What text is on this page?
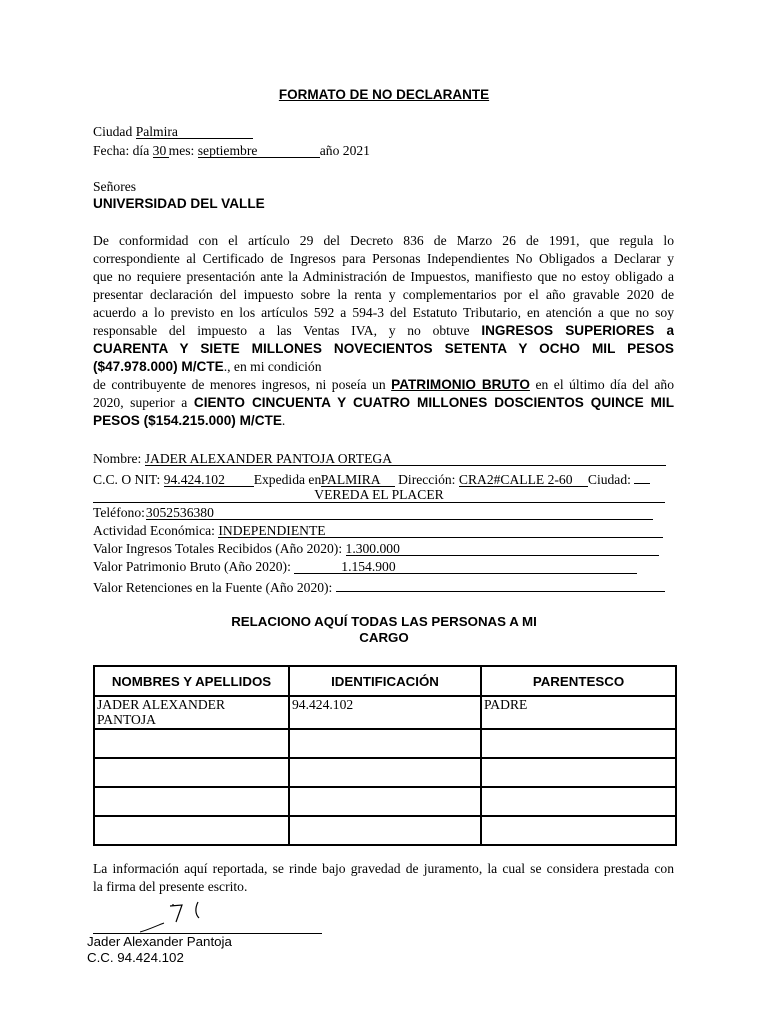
FORMATO DE NO DECLARANTE
Ciudad Palmira
Fecha: día 30 mes: septiembre	año 2021
Señores
UNIVERSIDAD DEL VALLE
De conformidad con el artículo 29 del Decreto 836 de Marzo 26 de 1991, que regula lo
correspondiente al Certificado de Ingresos para Personas Independientes No Obligados a Declarar y
que no requiere presentación ante la Administración de Impuestos, manifiesto que no estoy obligado a
presentar declaración del impuesto sobre la renta y complementarios por el año gravable 2020 de
acuerdo a lo previsto en los artículos 592 a 594-3 del Estatuto Tributario, en atención a que no soy
responsable del impuesto a las Ventas IVA, y no obtuve INGRESOS SUPERIORES a
CUARENTA Y SIETE MILLONES NOVECIENTOS SETENTA Y OCHO MIL PESOS
($47.978.000) M/CTE., en mi condición
de contribuyente de menores ingresos, ni poseía un PATRIMONIO BRUTO en el último día del año
2020, superior a CIENTO CINCUENTA Y CUATRO MILLONES DOSCIENTOS QUINCE MIL
PESOS ($154.215.000) M/CTE.
Nombre: JADER ALEXANDER PANTOJA ORTEGA
C.C. O NIT: 94.424.102 Expedida en PALMIRA Dirección: CRA2#CALLE 2-60 Ciudad:
VEREDA EL PLACER
Teléfono:3052536380
Actividad Económica: INDEPENDIENTE
Valor Ingresos Totales Recibidos (Año 2020): 1.300.000
Valor Patrimonio Bruto (Año 2020):	1.154.900
Valor Retenciones en la Fuente (Año 2020):
RELACIONO AQUÍ TODAS LAS PERSONAS A MI
CARGO
NOMBRES Y APELLIDOS	IDENTIFICACIÓN	PARENTESCO

JADER ALEXANDER
PANTOJA	94.424.102	PADRE

La información aquí reportada, se rinde bajo gravedad de juramento, la cual se considera prestada con
la firma del presente escrito.
Jader Alexander Pantoja
C.C. 94.424.102
